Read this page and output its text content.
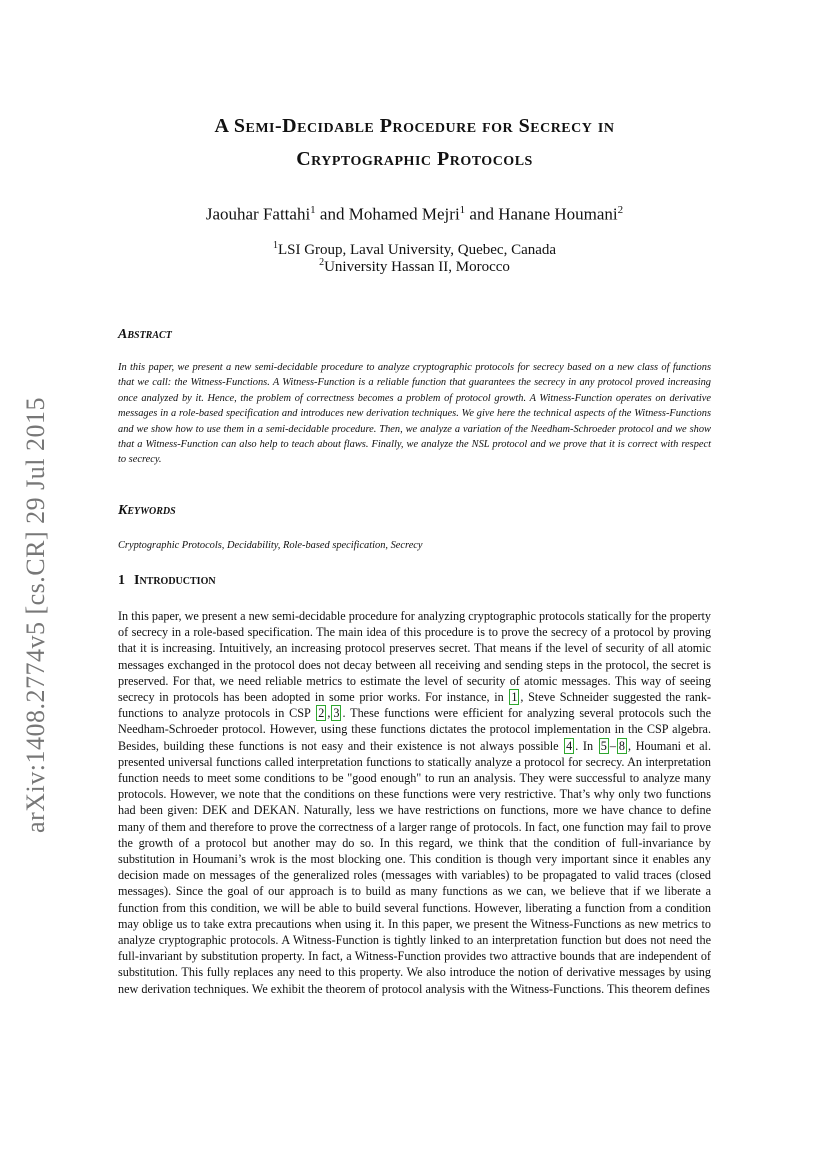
arXiv:1408.2774v5 [cs.CR] 29 Jul 2015
A Semi-Decidable Procedure for Secrecy in
Cryptographic Protocols
Jaouhar Fattahi$^1$ and Mohamed Mejri$^1$ and Hanane Houmani$^2$
$^1$LSI Group, Laval University, Quebec, Canada
$^2$University Hassan II, Morocco
Abstract
In this paper, we present a new semi-decidable procedure to analyze cryptographic protocols for secrecy based on a new class of functions that we call: the Witness-Functions. A Witness-Function is a reliable function that guarantees the secrecy in any protocol proved increasing once analyzed by it. Hence, the problem of correctness becomes a problem of protocol growth. A Witness-Function operates on derivative messages in a role-based specification and introduces new derivation techniques. We give here the technical aspects of the Witness-Functions and we show how to use them in a semi-decidable procedure. Then, we analyze a variation of the Needham-Schroeder protocol and we show that a Witness-Function can also help to teach about flaws. Finally, we analyze the NSL protocol and we prove that it is correct with respect to secrecy.
Keywords
Cryptographic Protocols, Decidability, Role-based specification, Secrecy
1 Introduction
In this paper, we present a new semi-decidable procedure for analyzing cryptographic protocols statically for the property of secrecy in a role-based specification. The main idea of this procedure is to prove the secrecy of a protocol by proving that it is increasing. Intuitively, an increasing protocol preserves secret. That means if the level of security of all atomic messages exchanged in the protocol does not decay between all receiving and sending steps in the protocol, the secret is preserved. For that, we need reliable metrics to estimate the level of security of atomic messages. This way of seeing secrecy in protocols has been adopted in some prior works. For instance, in 1 , Steve Schneider suggested the rank-functions to analyze protocols in CSP 2 , 3 . These functions were efficient for analyzing several protocols such the Needham-Schroeder protocol. However, using these functions dictates the protocol implementation in the CSP algebra. Besides, building these functions is not easy and their existence is not always possible 4 . In 5 – 8 , Houmani et al. presented universal functions called interpretation functions to statically analyze a protocol for secrecy. An interpretation function needs to meet some conditions to be "good enough" to run an analysis. They were successful to analyze many protocols. However, we note that the conditions on these functions were very restrictive. That’s why only two functions had been given: DEK and DEKAN. Naturally, less we have restrictions on functions, more we have chance to define many of them and therefore to prove the correctness of a larger range of protocols. In fact, one function may fail to prove the growth of a protocol but another may do so. In this regard, we think that the condition of full-invariance by substitution in Houmani’s wrok is the most blocking one. This condition is though very important since it enables any decision made on messages of the generalized roles (messages with variables) to be propagated to valid traces (closed messages). Since the goal of our approach is to build as many functions as we can, we believe that if we liberate a function from this condition, we will be able to build several functions. However, liberating a function from a condition may oblige us to take extra precautions when using it. In this paper, we present the Witness-Functions as new metrics to analyze cryptographic protocols. A Witness-Function is tightly linked to an interpretation function but does not need the full-invariant by substitution property. In fact, a Witness-Function provides two attractive bounds that are independent of substitution. This fully replaces any need to this property. We also introduce the notion of derivative messages by using new derivation techniques. We exhibit the theorem of protocol analysis with the Witness-Functions. This theorem defines
